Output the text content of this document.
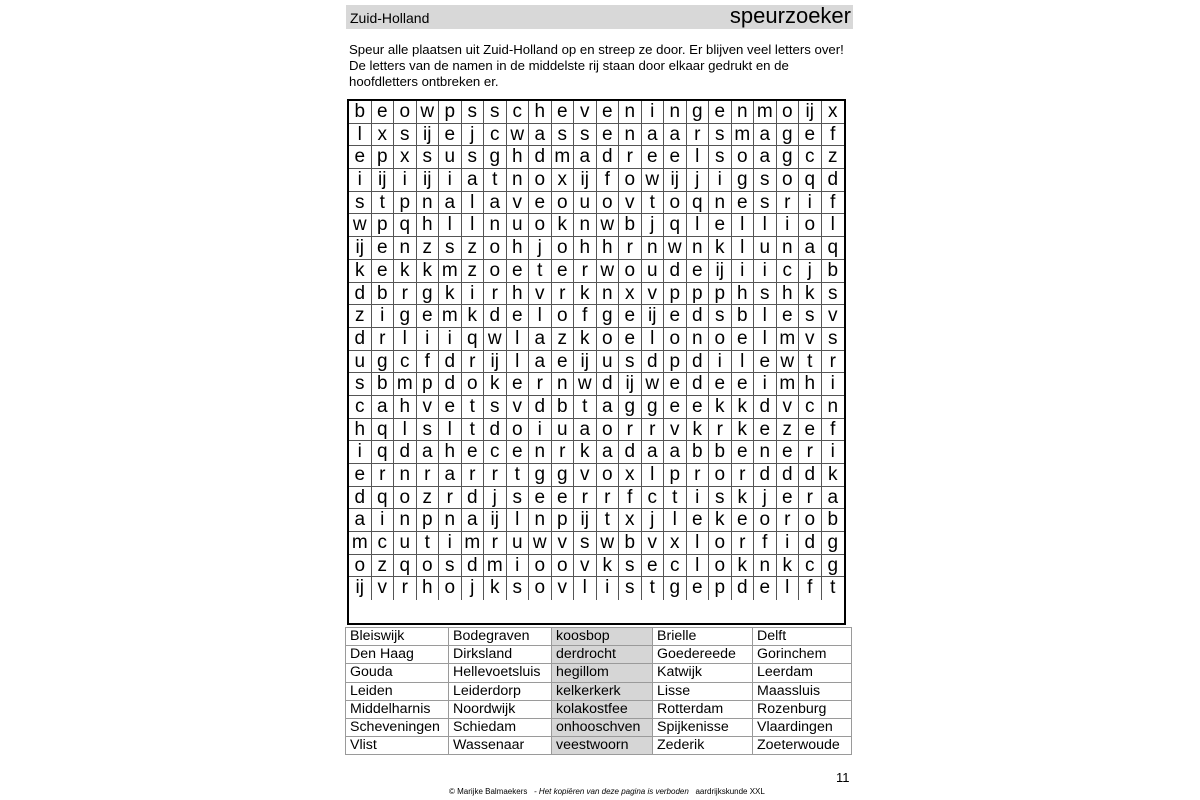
Zuid-Holland	speurzoeker
Speur alle plaatsen uit Zuid-Holland op en streep ze door. Er blijven veel letters over! De letters van de namen in de middelste rij staan door elkaar gedrukt en de hoofdletters ontbreken er.
b e o w p s s c h e v e n i n g e n m o ij x
l x s ij e j c w a s s e n a a r s m a g e f
e p x s u s g h d m a d r e e l s o a g c z
i ij i ij i a t n o x ij f o w ij j i g s o q d
s t p n a l a v e o u o v t o q n e s r i f
w p q h l l n u o k n w b j q l e l l i o l
ij e n z s z o h j o h h r n w n k l u n a q
k e k k m z o e t e r w o u d e ij i i c j b
d b r g k i r h v r k n x v p p p h s h k s
z i g e m k d e l o f g e ij e d s b l e s v
d r l i i q w l a z k o e l o n o e l m v s
u g c f d r ij l a e ij u s d p d i l e w t r
s b m p d o k e r n w d ij w e d e e i m h i
c a h v e t s v d b t a g g e e k k d v c n
h q l s l t d o i u a o r r v k r k e z e f
i q d a h e c e n r k a d a a b b e n e r i
e r n r a r r t g g v o x l p r o r d d d k
d q o z r d j s e e r r f c t i s k j e r a
a i n p n a ij l n p ij t x j l e k e o r o b
m c u t i m r u w v s w b v x l o r f i d g
o z q o s d m i o o v k s e c l o k n k c g
ij v r h o j k s o v l i s t g e p d e l f t
Bleiswijk	Bodegraven	koosbop	Brielle	Delft
Den Haag	Dirksland	derdrocht	Goedereede	Gorinchem
Gouda	Hellevoetsluis	hegillom	Katwijk	Leerdam
Leiden	Leiderdorp	kelkerkerk	Lisse	Maassluis
Middelharnis	Noordwijk	kolakostfee	Rotterdam	Rozenburg
Scheveningen	Schiedam	onhooschven	Spijkenisse	Vlaardingen
Vlist	Wassenaar	veestwoorn	Zederik	Zoeterwoude
11
© Marijke Balmaekers - Het kopiëren van deze pagina is verboden aardrijkskunde XXL
